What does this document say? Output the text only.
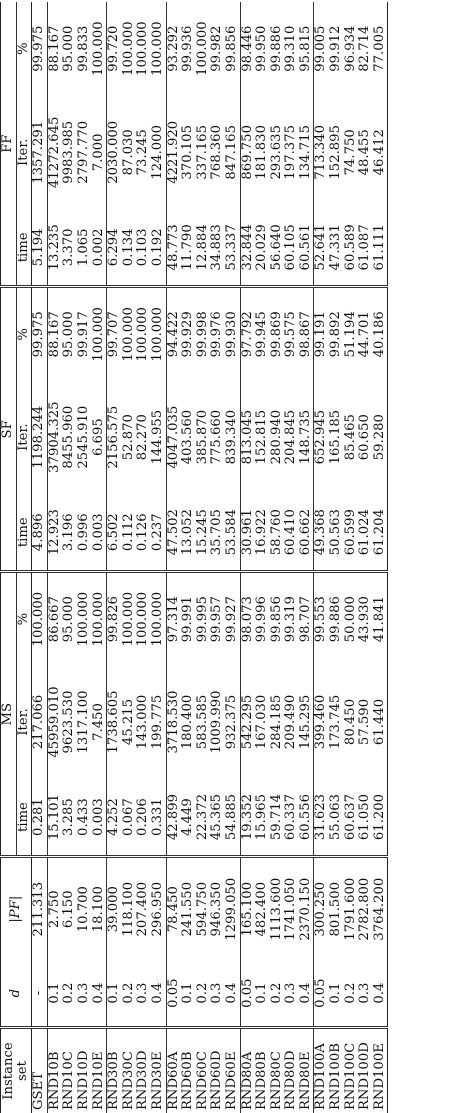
Instance set	d	|PF|	MS			SF			FF		
			time	Iter.	%	time	Iter.	%	time	Iter.	%
GSET	-	211.313	0.281	217.066	100.000	4.896	1198.244	99.975	5.194	1357.291	99.975
RND10B	0.1	2.750	15.101	45959.010	86.667	12.923	37904.325	88.167	13.235	41272.645	88.167
RND10C	0.2	6.150	3.285	9623.530	95.000	3.196	8455.960	95.000	3.370	9983.985	95.000
RND10D	0.3	10.700	0.433	1317.100	100.000	0.996	2545.910	99.917	1.065	2797.770	99.833
RND10E	0.4	18.100	0.003	7.450	100.000	0.003	6.695	100.000	0.002	7.000	100.000
RND30B	0.1	39.000	4.252	1738.605	99.826	6.502	2156.575	99.707	6.294	2030.000	99.720
RND30C	0.2	118.100	0.067	45.215	100.000	0.112	52.870	100.000	0.134	87.030	100.000
RND30D	0.3	207.400	0.206	143.000	100.000	0.126	82.270	100.000	0.103	73.245	100.000
RND30E	0.4	296.950	0.331	199.775	100.000	0.237	144.955	100.000	0.192	124.000	100.000
RND60A	0.05	78.450	42.899	3718.530	97.314	47.502	4047.035	94.422	48.773	4221.920	93.292
RND60B	0.1	241.550	4.449	180.400	99.991	13.052	403.560	99.929	11.790	370.105	99.936
RND60C	0.2	594.750	22.372	583.585	99.995	15.245	385.870	99.998	12.884	337.165	100.000
RND60D	0.3	946.350	45.365	1009.990	99.957	35.705	775.660	99.976	34.883	768.360	99.982
RND60E	0.4	1299.050	54.885	932.375	99.927	53.584	839.340	99.930	53.337	847.165	99.856
RND80A	0.05	165.100	19.352	542.295	98.073	30.961	813.045	97.792	32.844	869.750	98.446
RND80B	0.1	482.400	15.965	167.030	99.996	16.922	152.815	99.945	20.029	181.830	99.950
RND80C	0.2	1113.600	59.714	284.185	99.856	58.760	280.940	99.869	56.640	293.635	99.886
RND80D	0.3	1741.050	60.337	209.490	99.319	60.410	204.845	99.575	60.105	197.375	99.310
RND80E	0.4	2370.150	60.556	145.295	98.707	60.662	148.735	98.867	60.561	134.715	95.815
RND100A	0.05	300.250	31.623	399.460	99.553	49.368	652.945	99.191	52.641	713.340	99.005
RND100B	0.1	801.500	55.063	173.745	99.886	50.563	165.185	99.892	47.331	152.895	99.912
RND100C	0.2	1791.600	60.637	80.450	50.000	60.599	85.465	51.194	60.589	74.750	96.934
RND100D	0.3	2782.800	61.050	57.590	43.930	61.024	60.650	44.701	61.087	48.455	82.714
RND100E	0.4	3764.200	61.200	61.440	41.841	61.204	59.280	40.186	61.111	46.412	77.005
